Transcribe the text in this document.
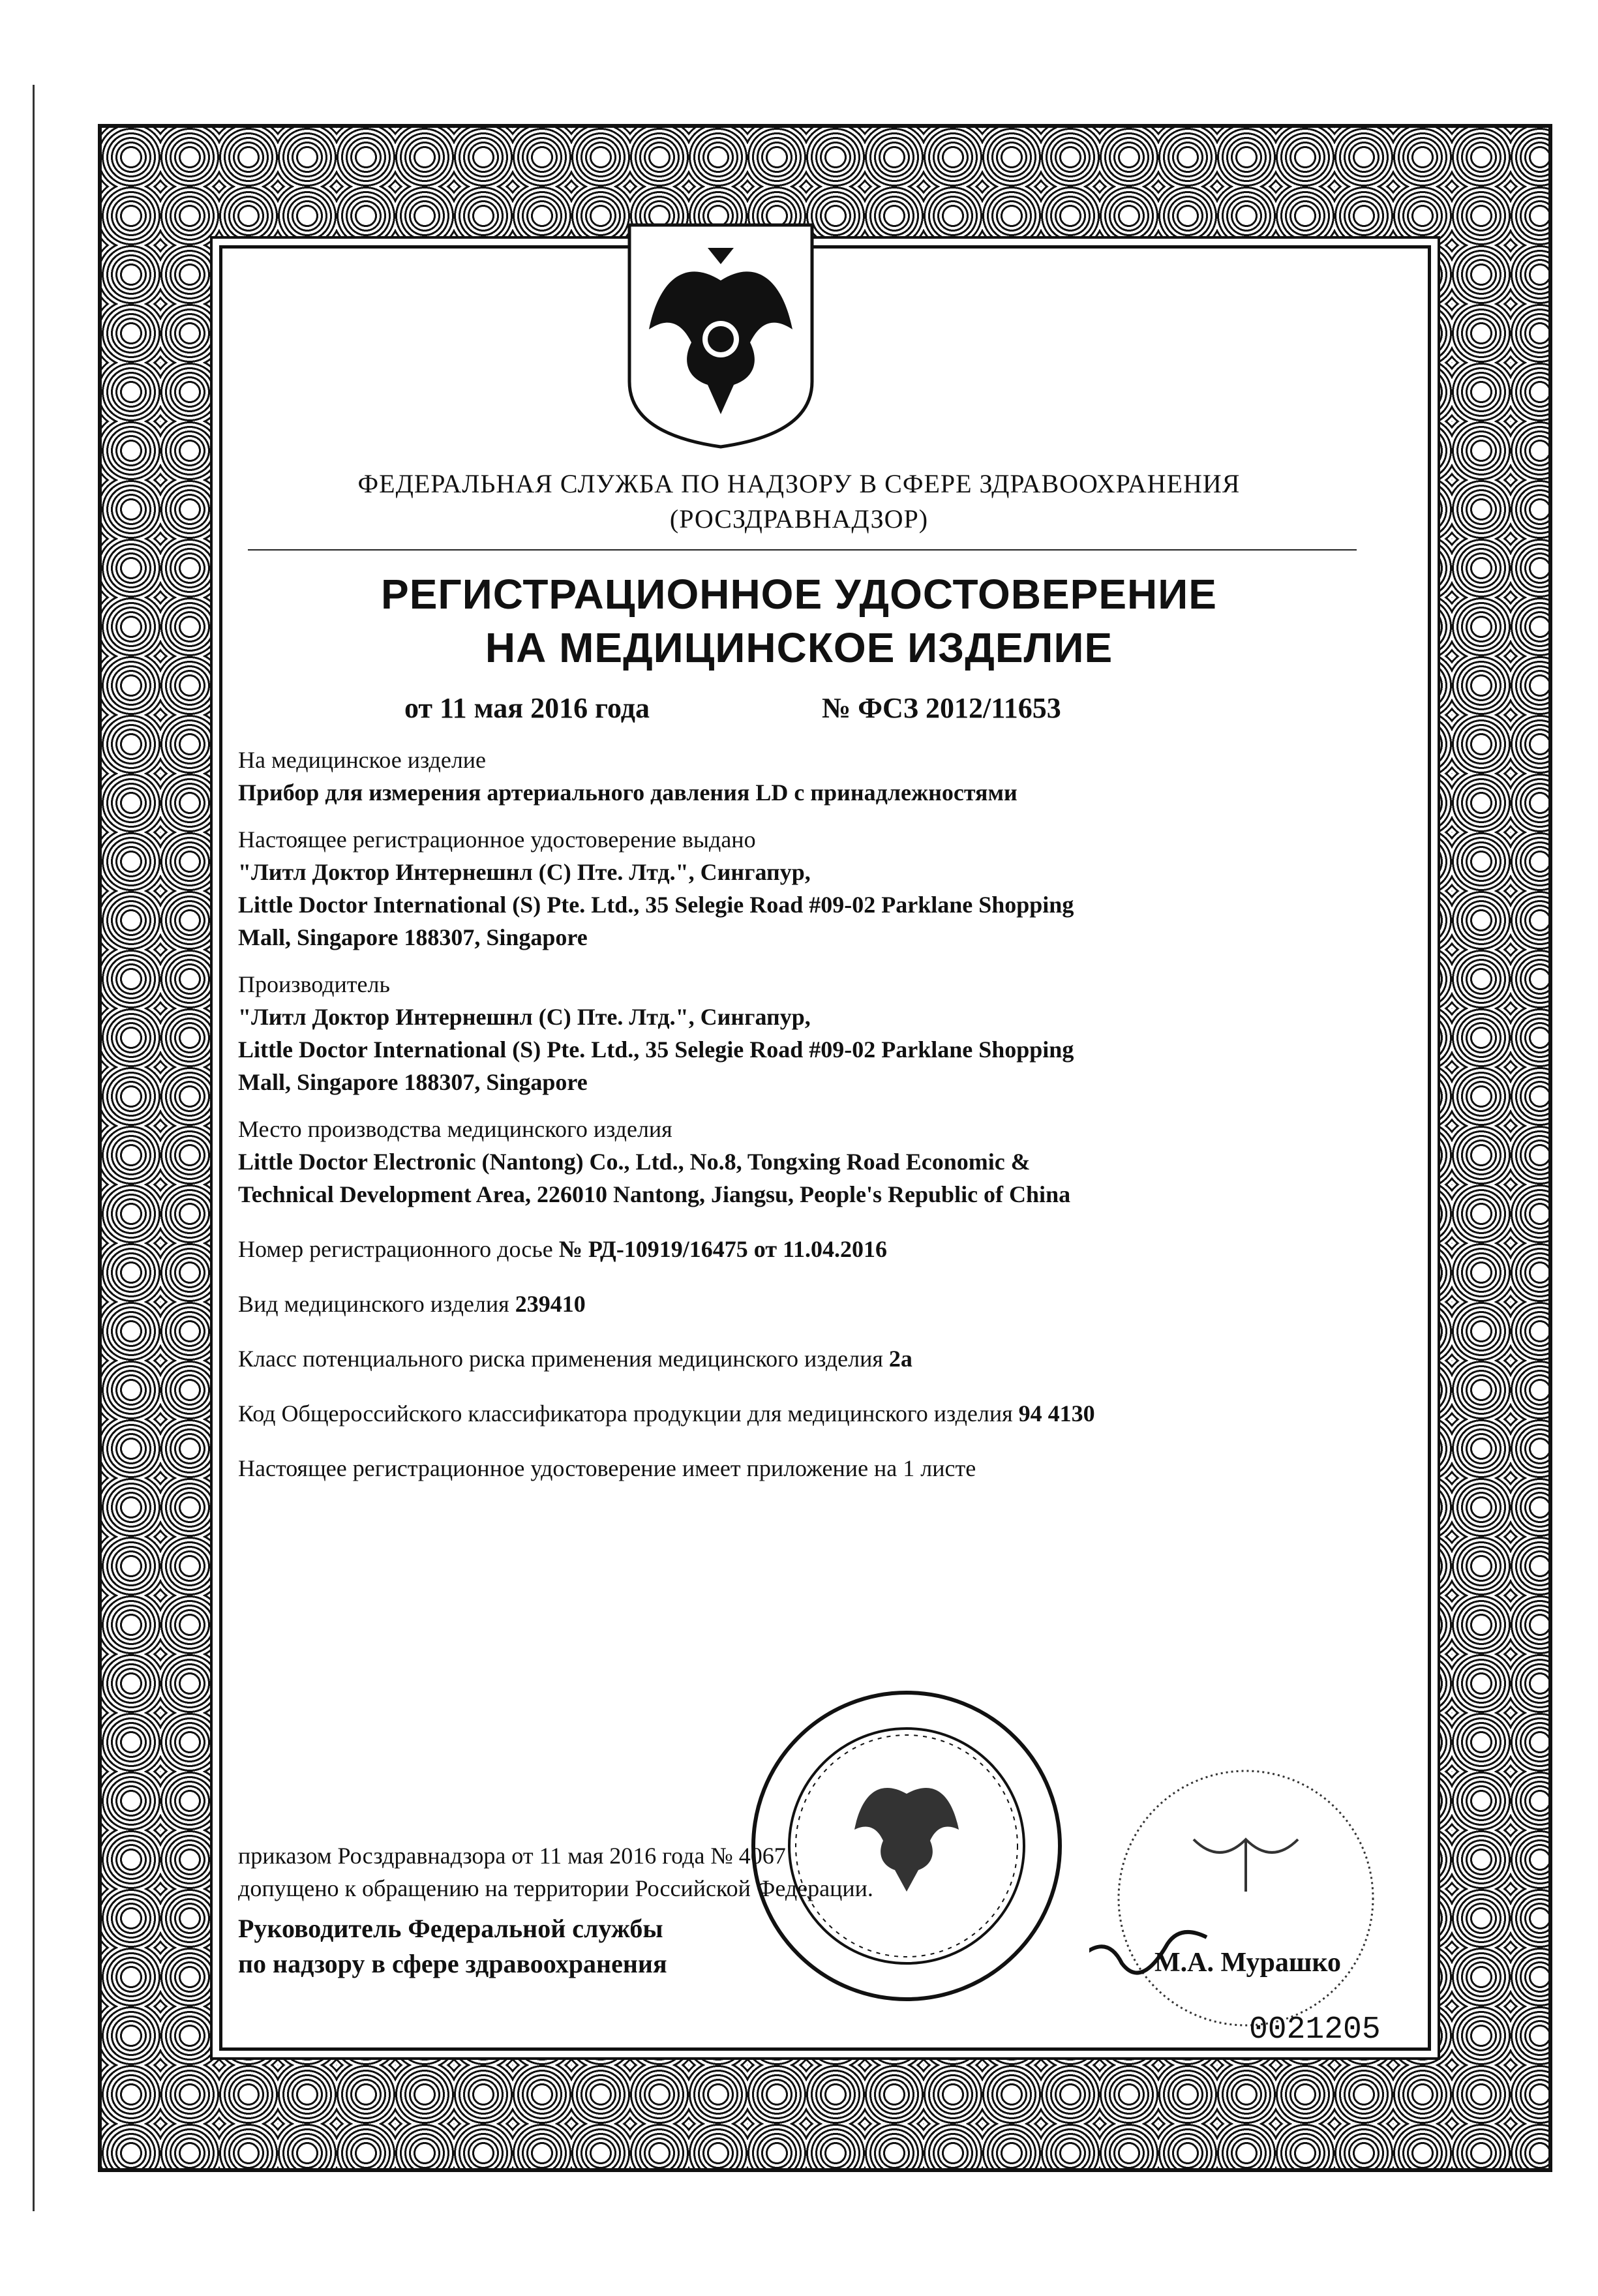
ФЕДЕРАЛЬНАЯ СЛУЖБА ПО НАДЗОРУ В СФЕРЕ ЗДРАВООХРАНЕНИЯ
(РОСЗДРАВНАДЗОР)
РЕГИСТРАЦИОННОЕ УДОСТОВЕРЕНИЕ
НА МЕДИЦИНСКОЕ ИЗДЕЛИЕ
от 11 мая 2016 года	№ ФСЗ 2012/11653

На медицинское изделие

Прибор для измерения артериального давления LD с принадлежностями

Настоящее регистрационное удостоверение выдано

"Литл Доктор Интернешнл (С) Пте. Лтд.", Сингапур,

Little Doctor International (S) Pte. Ltd., 35 Selegie Road #09-02 Parklane Shopping

Mall, Singapore 188307, Singapore

Производитель

"Литл Доктор Интернешнл (С) Пте. Лтд.", Сингапур,

Little Doctor International (S) Pte. Ltd., 35 Selegie Road #09-02 Parklane Shopping

Mall, Singapore 188307, Singapore

Место производства медицинского изделия

Little Doctor Electronic (Nantong) Co., Ltd., No.8, Tongxing Road Economic &

Technical Development Area, 226010 Nantong, Jiangsu, People's Republic of China

Номер регистрационного досье № РД-10919/16475 от 11.04.2016

Вид медицинского изделия 239410

Класс потенциального риска применения медицинского изделия 2а

Код Общероссийского классификатора продукции для медицинского изделия 94 4130

Настоящее регистрационное удостоверение имеет приложение на 1 листе

приказом Росздравнадзора от 11 мая 2016 года № 4067
допущено к обращению на территории Российской Федерации.
Руководитель Федеральной службы
по надзору в сфере здравоохранения	М.А. Мурашко
0021205
